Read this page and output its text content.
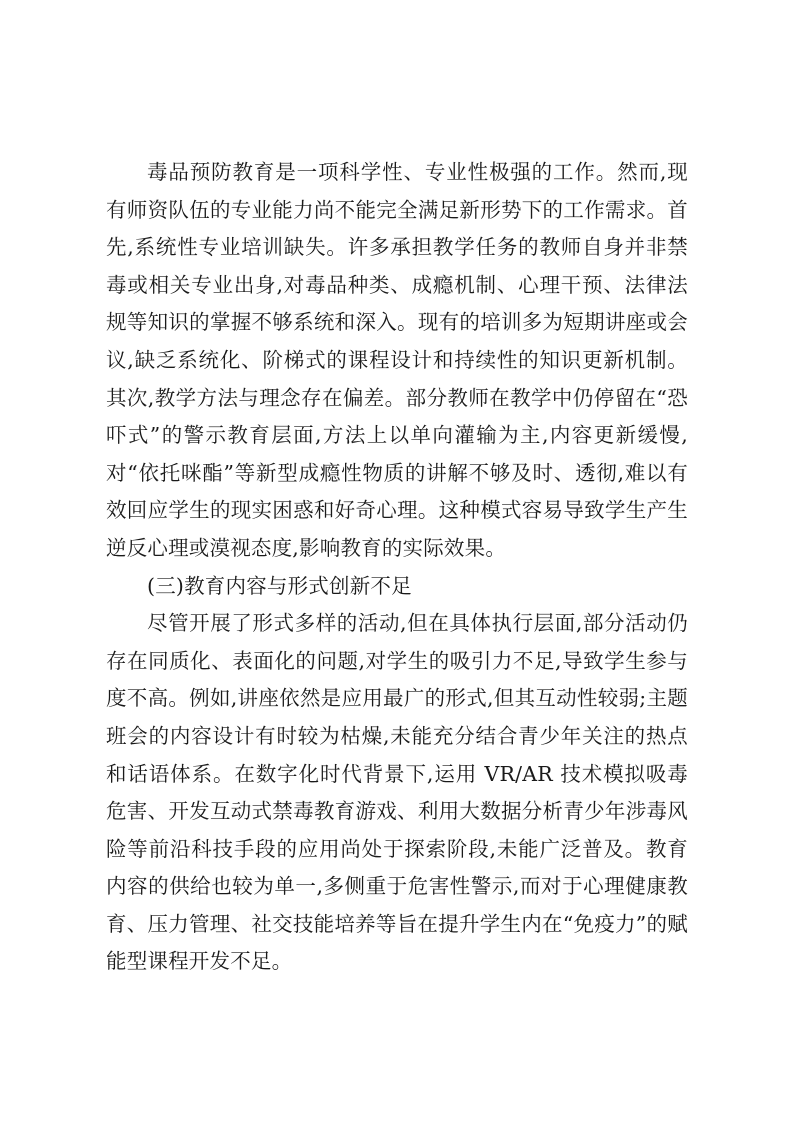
毒品预防教育是一项科学性、专业性极强的工作。然而,现有师资队伍的专业能力尚不能完全满足新形势下的工作需求。首先,系统性专业培训缺失。许多承担教学任务的教师自身并非禁毒或相关专业出身,对毒品种类、成瘾机制、心理干预、法律法规等知识的掌握不够系统和深入。现有的培训多为短期讲座或会议,缺乏系统化、阶梯式的课程设计和持续性的知识更新机制。其次,教学方法与理念存在偏差。部分教师在教学中仍停留在“恐吓式”的警示教育层面,方法上以单向灌输为主,内容更新缓慢,对“依托咪酯”等新型成瘾性物质的讲解不够及时、透彻,难以有效回应学生的现实困惑和好奇心理。这种模式容易导致学生产生逆反心理或漠视态度,影响教育的实际效果。

(三)教育内容与形式创新不足

尽管开展了形式多样的活动,但在具体执行层面,部分活动仍存在同质化、表面化的问题,对学生的吸引力不足,导致学生参与度不高。例如,讲座依然是应用最广的形式,但其互动性较弱;主题班会的内容设计有时较为枯燥,未能充分结合青少年关注的热点和话语体系。在数字化时代背景下,运用 VR/AR 技术模拟吸毒危害、开发互动式禁毒教育游戏、利用大数据分析青少年涉毒风险等前沿科技手段的应用尚处于探索阶段,未能广泛普及。教育内容的供给也较为单一,多侧重于危害性警示,而对于心理健康教育、压力管理、社交技能培养等旨在提升学生内在“免疫力”的赋能型课程开发不足。
